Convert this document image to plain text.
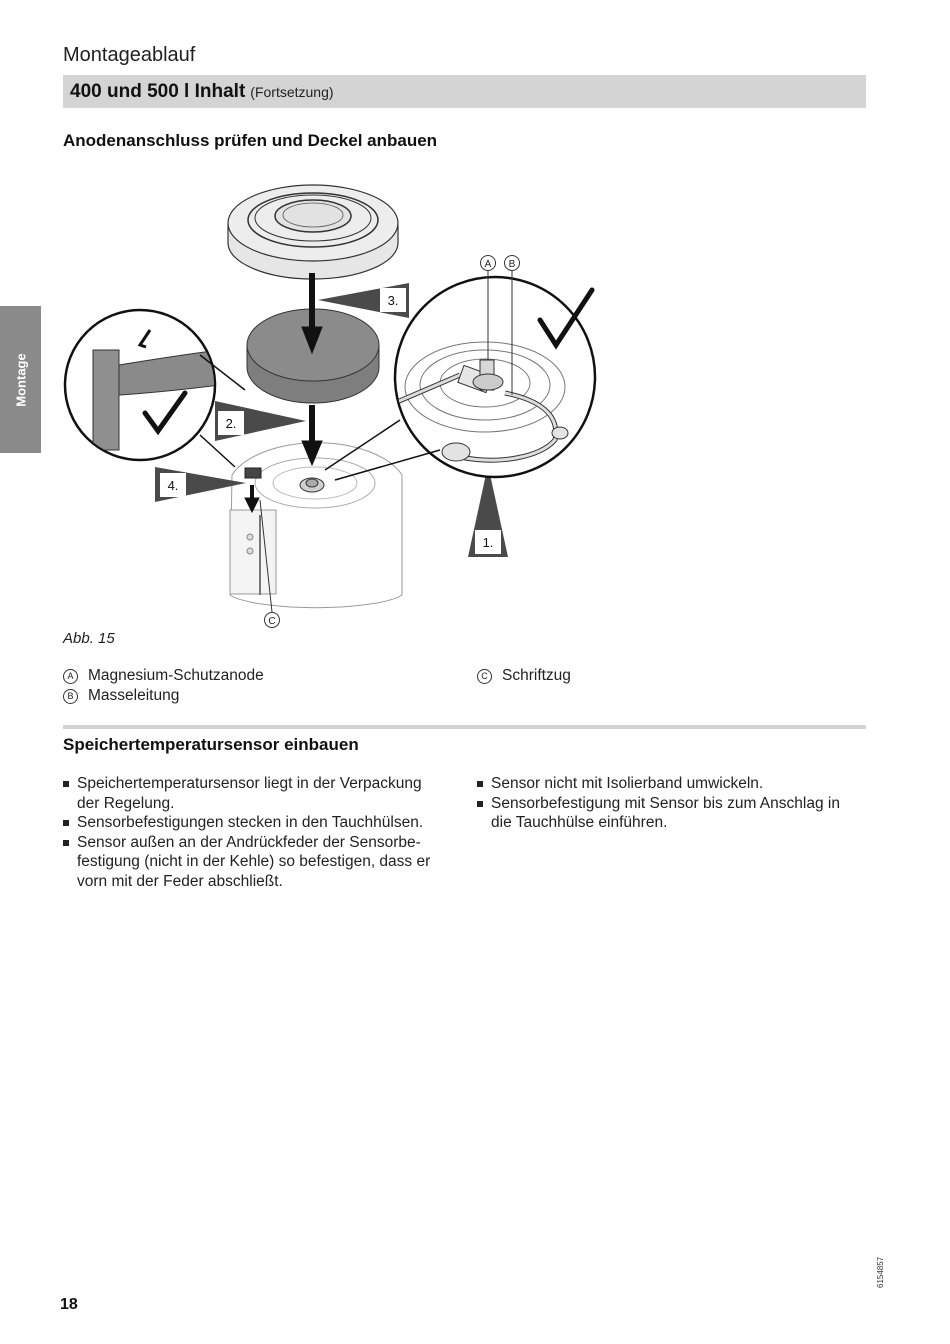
Montageablauf
400 und 500 l Inhalt (Fortsetzung)
Montage
Anodenanschluss prüfen und Deckel anbauen
A B
C
3.
2.
4.
1.
Abb. 15
A Magnesium-Schutzanode
B Masseleitung
C Schriftzug
Speichertemperatursensor einbauen
Speichertemperatursensor liegt in der Verpackung
der Regelung.
Sensorbefestigungen stecken in den Tauchhülsen.
Sensor außen an der Andrückfeder der Sensorbe-
festigung (nicht in der Kehle) so befestigen, dass er
vorn mit der Feder abschließt.
Sensor nicht mit Isolierband umwickeln.
Sensorbefestigung mit Sensor bis zum Anschlag in
die Tauchhülse einführen.
6154857
18
